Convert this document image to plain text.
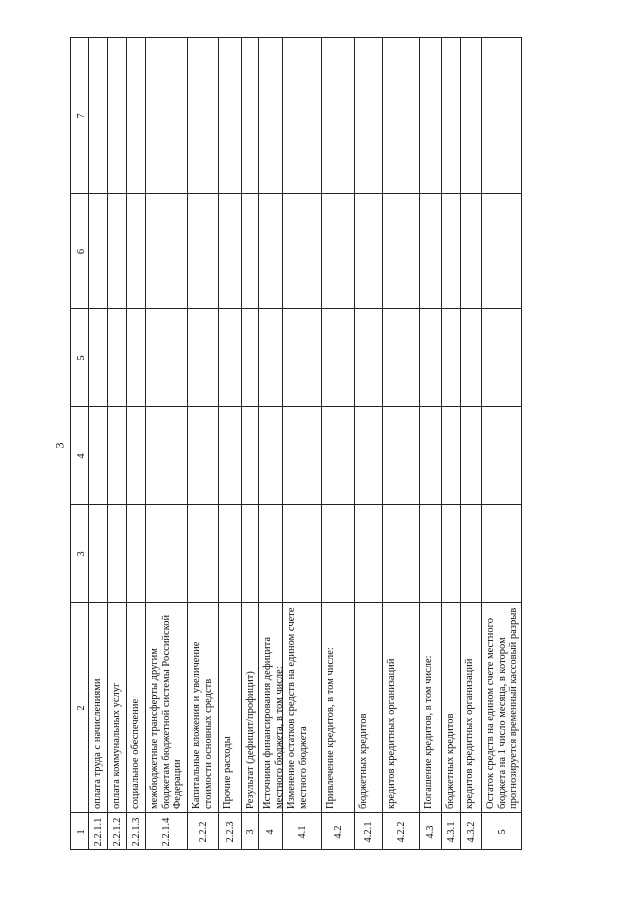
3
1
2
3
4
5
6
7
2.2.1.1
оплата труда с начислениями
2.2.1.2
оплата коммунальных услуг
2.2.1.3
социальное обеспечение
2.2.1.4
межбюджетные трансферты другим бюджетам бюджетной системы Российской Федерации
2.2.2
Капитальные вложения и увеличение стоимости основных средств
2.2.3
Прочие расходы
3
Результат (дефицит/профицит)
4
Источники финансирования дефицита местного бюджета, в том числе:
4.1
Изменение остатков средств на едином счете местного бюджета
4.2
Привлечение кредитов, в том числе:
4.2.1
бюджетных кредитов
4.2.2
кредитов кредитных организаций
4.3
Погашение кредитов, в том числе:
4.3.1
бюджетных кредитов
4.3.2
кредитов кредитных организаций
5
Остаток средств на едином счете местного бюджета на 1 число месяца, в котором прогнозируется временный кассовый разрыв
